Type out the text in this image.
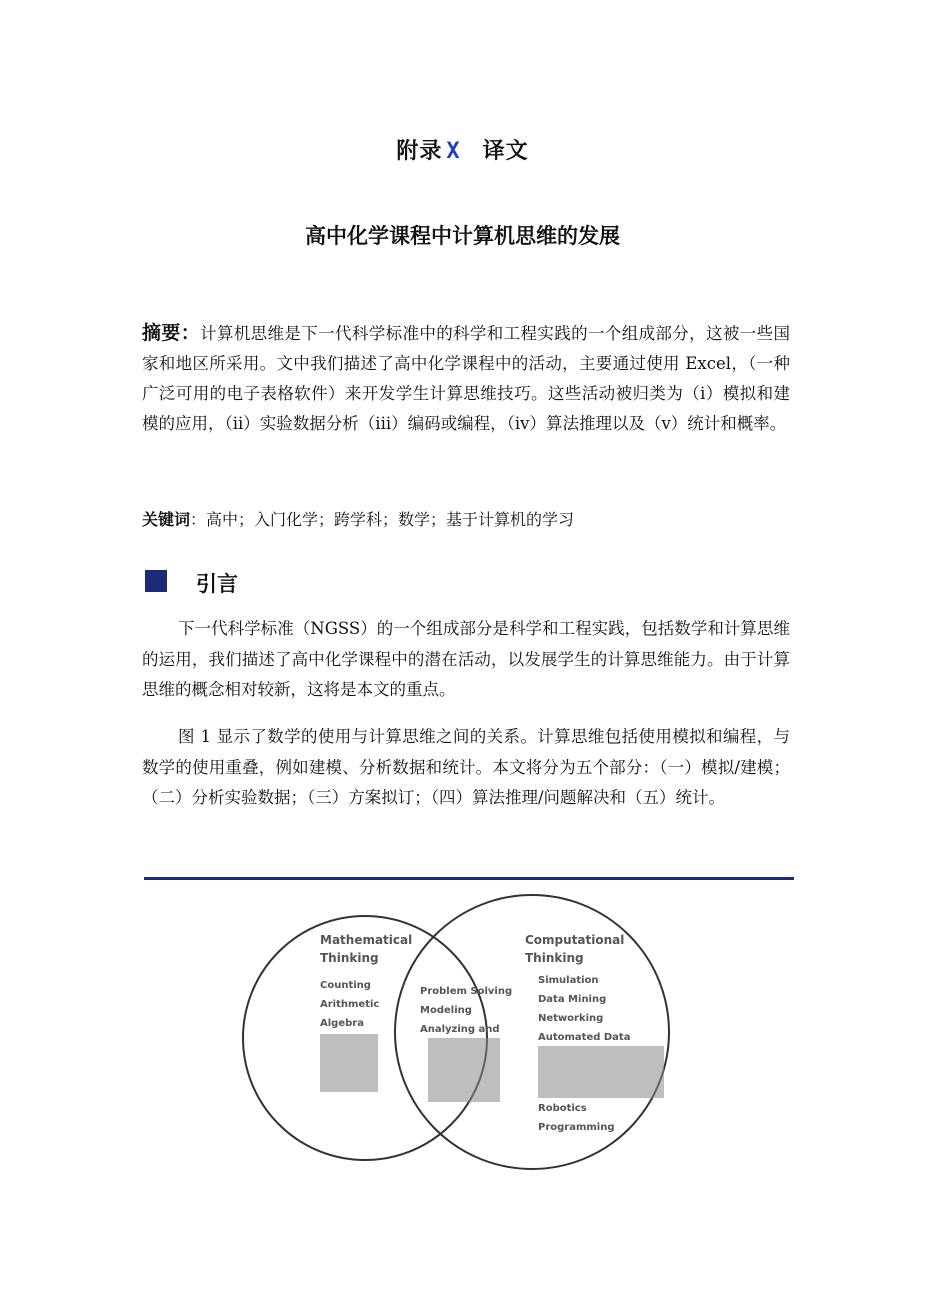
附录 X 译文
高中化学课程中计算机思维的发展

摘要：计算机思维是下一代科学标准中的科学和工程实践的一个组成部分，这被一些国家和地区所采用。文中我们描述了高中化学课程中的活动，主要通过使用 Excel，（一种广泛可用的电子表格软件）来开发学生计算思维技巧。这些活动被归类为（i）模拟和建模的应用，（ii）实验数据分析（iii）编码或编程，（iv）算法推理以及（v）统计和概率。

关键词：高中；入门化学；跨学科；数学；基于计算机的学习
引言

下一代科学标准（NGSS）的一个组成部分是科学和工程实践，包括数学和计算思维的运用，我们描述了高中化学课程中的潜在活动，以发展学生的计算思维能力。由于计算思维的概念相对较新，这将是本文的重点。

图 1 显示了数学的使用与计算思维之间的关系。计算思维包括使用模拟和编程，与数学的使用重叠，例如建模、分析数据和统计。本文将分为五个部分：（一）模拟/建模；（二）分析实验数据；（三）方案拟订；（四）算法推理/问题解决和（五）统计。

Mathematical
Thinking
Counting
Arithmetic
Algebra
Problem Solving
Modeling
Analyzing and
Computational
Thinking
Simulation
Data Mining
Networking
Automated Data
Robotics
Programming
